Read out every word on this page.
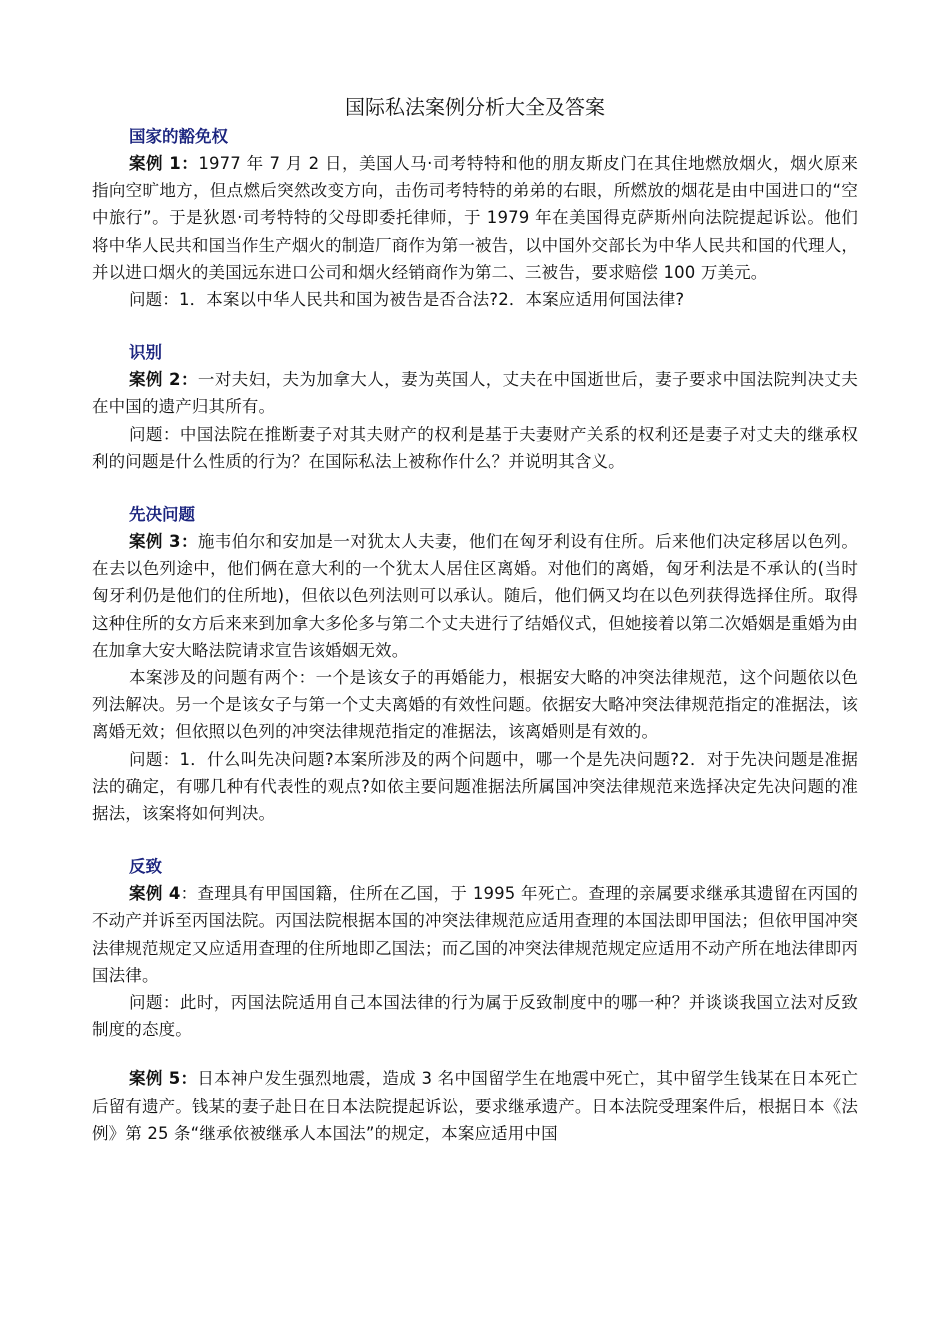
国际私法案例分析大全及答案
国家的豁免权

案例 1：1977 年 7 月 2 日，美国人马·司考特特和他的朋友斯皮门在其住地燃放烟火，烟火原来指向空旷地方，但点燃后突然改变方向，击伤司考特特的弟弟的右眼，所燃放的烟花是由中国进口的“空中旅行”。于是狄恩·司考特特的父母即委托律师，于 1979 年在美国得克萨斯州向法院提起诉讼。他们将中华人民共和国当作生产烟火的制造厂商作为第一被告，以中国外交部长为中华人民共和国的代理人，并以进口烟火的美国远东进口公司和烟火经销商作为第二、三被告，要求赔偿 100 万美元。

问题：1．本案以中华人民共和国为被告是否合法?2．本案应适用何国法律?

识别

案例 2：一对夫妇，夫为加拿大人，妻为英国人，丈夫在中国逝世后，妻子要求中国法院判决丈夫在中国的遗产归其所有。

问题：中国法院在推断妻子对其夫财产的权利是基于夫妻财产关系的权利还是妻子对丈夫的继承权利的问题是什么性质的行为？在国际私法上被称作什么？并说明其含义。

先决问题

案例 3：施韦伯尔和安加是一对犹太人夫妻，他们在匈牙利设有住所。后来他们决定移居以色列。在去以色列途中，他们俩在意大利的一个犹太人居住区离婚。对他们的离婚，匈牙利法是不承认的(当时匈牙利仍是他们的住所地)，但依以色列法则可以承认。随后，他们俩又均在以色列获得选择住所。取得这种住所的女方后来来到加拿大多伦多与第二个丈夫进行了结婚仪式，但她接着以第二次婚姻是重婚为由在加拿大安大略法院请求宣告该婚姻无效。

本案涉及的问题有两个：一个是该女子的再婚能力，根据安大略的冲突法律规范，这个问题依以色列法解决。另一个是该女子与第一个丈夫离婚的有效性问题。依据安大略冲突法律规范指定的准据法，该离婚无效；但依照以色列的冲突法律规范指定的准据法，该离婚则是有效的。

问题：1．什么叫先决问题?本案所涉及的两个问题中，哪一个是先决问题?2．对于先决问题是准据法的确定，有哪几种有代表性的观点?如依主要问题准据法所属国冲突法律规范来选择决定先决问题的准据法，该案将如何判决。

反致

案例 4：查理具有甲国国籍，住所在乙国，于 1995 年死亡。查理的亲属要求继承其遗留在丙国的不动产并诉至丙国法院。丙国法院根据本国的冲突法律规范应适用查理的本国法即甲国法；但依甲国冲突法律规范规定又应适用查理的住所地即乙国法；而乙国的冲突法律规范规定应适用不动产所在地法律即丙国法律。

问题：此时，丙国法院适用自己本国法律的行为属于反致制度中的哪一种？并谈谈我国立法对反致制度的态度。

案例 5：日本神户发生强烈地震，造成 3 名中国留学生在地震中死亡，其中留学生钱某在日本死亡后留有遗产。钱某的妻子赴日在日本法院提起诉讼，要求继承遗产。日本法院受理案件后，根据日本《法例》第 25 条“继承依被继承人本国法”的规定，本案应适用中国
